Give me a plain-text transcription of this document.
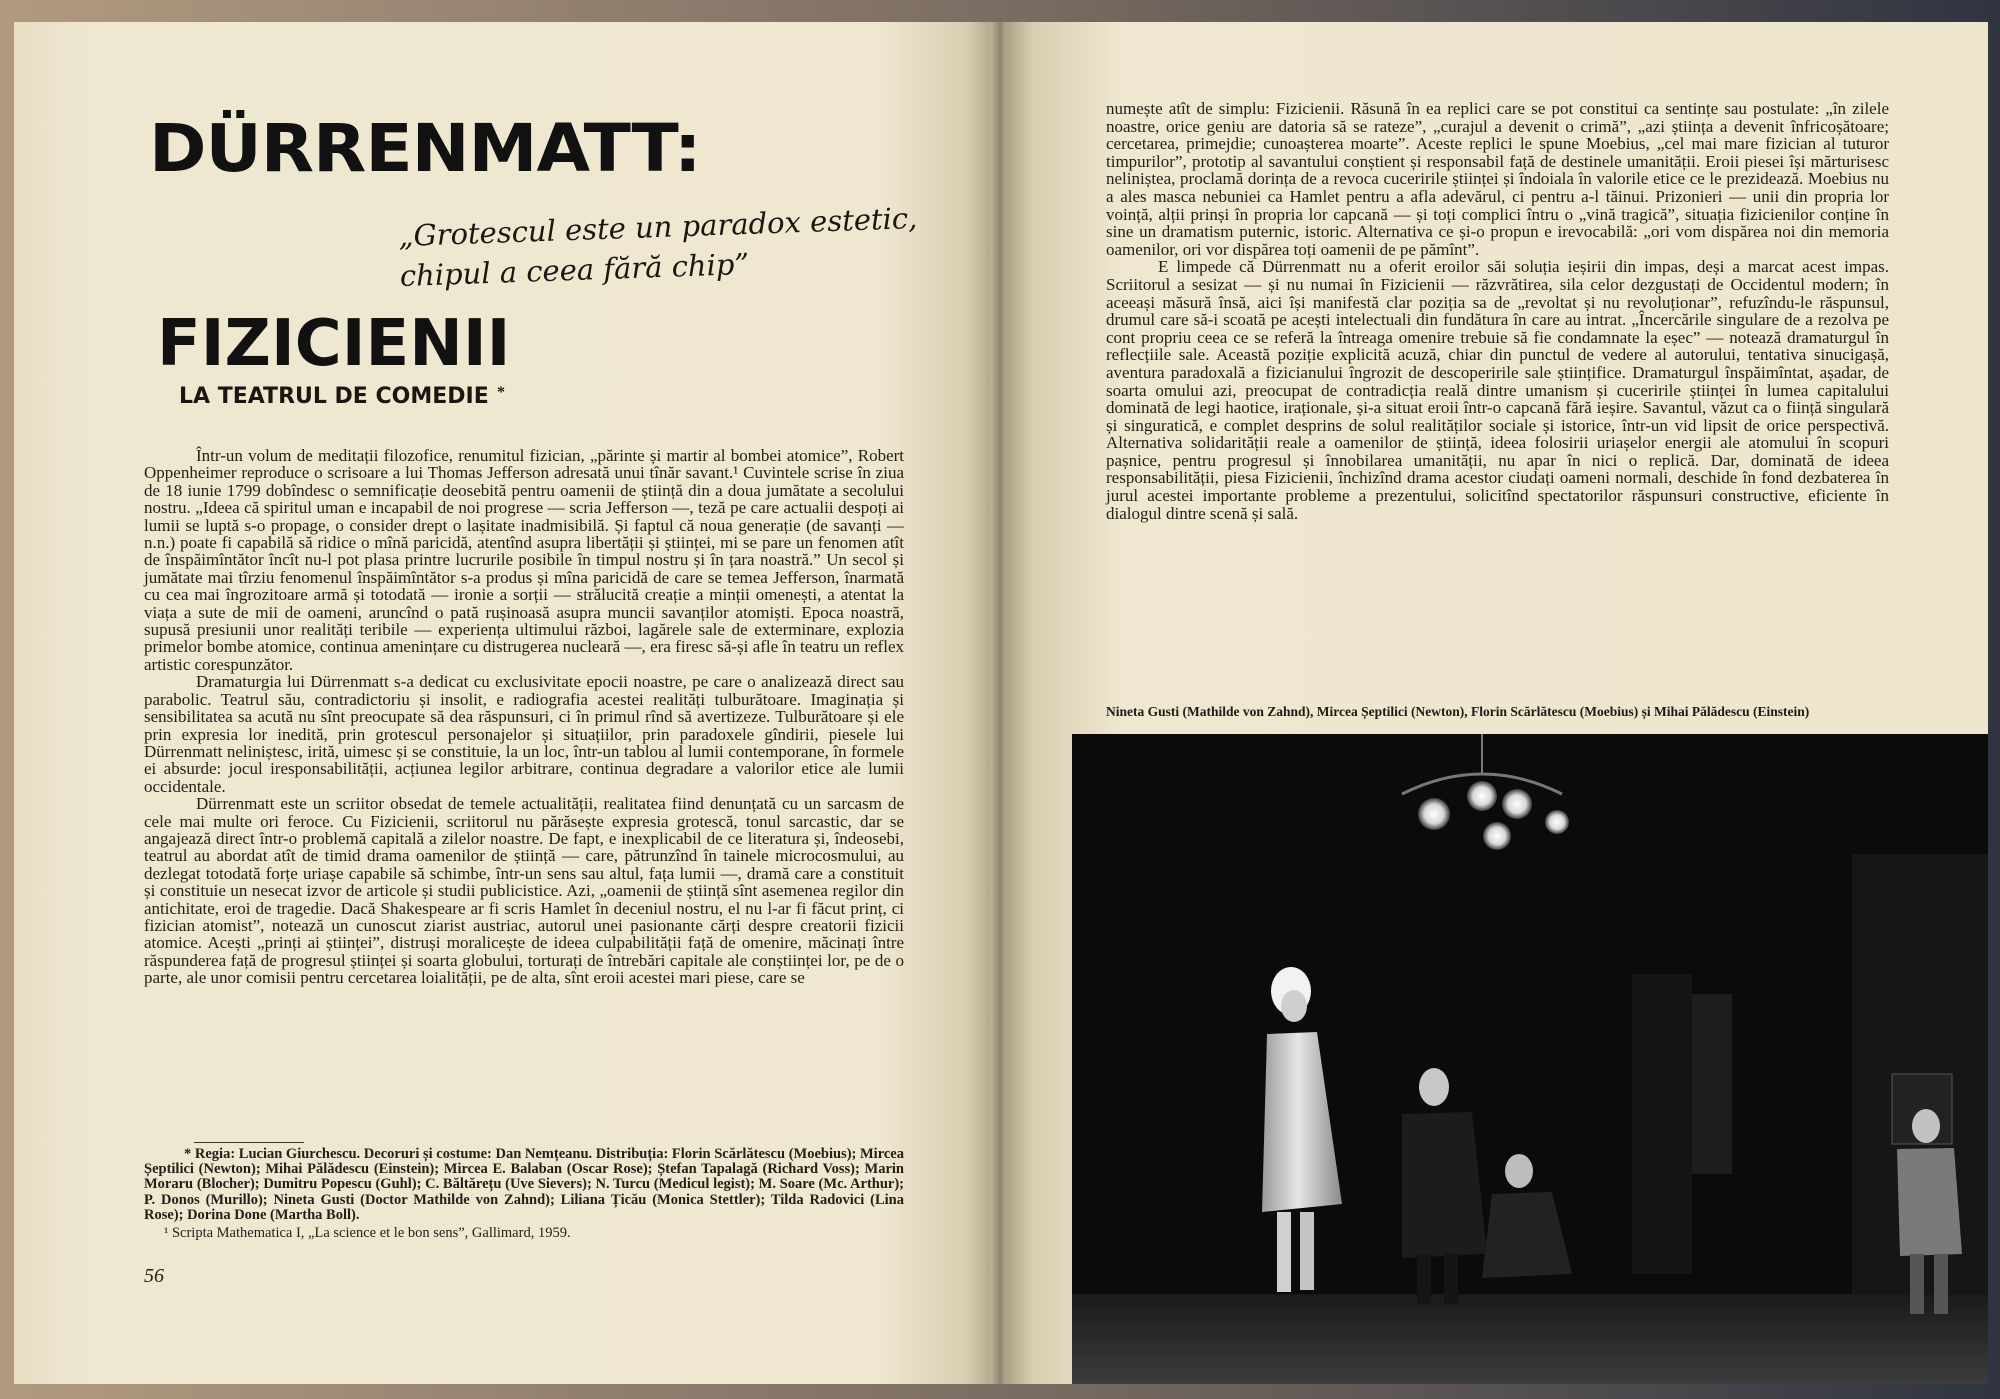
DÜRRENMATT:
„Grotescul este un paradox estetic,
chipul a ceea fără chip”
FIZICIENII
LA TEATRUL DE COMEDIE *

Într-un volum de meditații filozofice, renumitul fizician, „părinte și martir al bombei atomice”, Robert Oppenheimer reproduce o scrisoare a lui Thomas Jefferson adresată unui tînăr savant.¹ Cuvintele scrise în ziua de 18 iunie 1799 dobîndesc o semnificație deosebită pentru oamenii de știință din a doua jumătate a secolului nostru. „Ideea că spiritul uman e incapabil de noi progrese — scria Jefferson —, teză pe care actualii despoți ai lumii se luptă s-o propage, o consider drept o lașitate inadmisibilă. Și faptul că noua generație (de savanți — n.n.) poate fi capabilă să ridice o mînă paricidă, atentînd asupra libertății și științei, mi se pare un fenomen atît de înspăimîntător încît nu-l pot plasa printre lucrurile posibile în timpul nostru și în țara noastră.” Un secol și jumătate mai tîrziu fenomenul înspăimîntător s-a produs și mîna paricidă de care se temea Jefferson, înarmată cu cea mai îngrozitoare armă și totodată — ironie a sorții — strălucită creație a minții omenești, a atentat la viața a sute de mii de oameni, aruncînd o pată rușinoasă asupra muncii savanților atomiști. Epoca noastră, supusă presiunii unor realități teribile — experiența ultimului război, lagărele sale de exterminare, explozia primelor bombe atomice, continua amenințare cu distrugerea nucleară —, era firesc să-și afle în teatru un reflex artistic corespunzător.

Dramaturgia lui Dürrenmatt s-a dedicat cu exclusivitate epocii noastre, pe care o analizează direct sau parabolic. Teatrul său, contradictoriu și insolit, e radiografia acestei realități tulburătoare. Imaginația și sensibilitatea sa acută nu sînt preocupate să dea răspunsuri, ci în primul rînd să avertizeze. Tulburătoare și ele prin expresia lor inedită, prin grotescul personajelor și situațiilor, prin paradoxele gîndirii, piesele lui Dürrenmatt neliniștesc, irită, uimesc și se constituie, la un loc, într-un tablou al lumii contemporane, în formele ei absurde: jocul iresponsabilității, acțiunea legilor arbitrare, continua degradare a valorilor etice ale lumii occidentale.

Dürrenmatt este un scriitor obsedat de temele actualității, realitatea fiind denunțată cu un sarcasm de cele mai multe ori feroce. Cu Fizicienii, scriitorul nu părăsește expresia grotescă, tonul sarcastic, dar se angajează direct într-o problemă capitală a zilelor noastre. De fapt, e inexplicabil de ce literatura și, îndeosebi, teatrul au abordat atît de timid drama oamenilor de știință — care, pătrunzînd în tainele microcosmului, au dezlegat totodată forțe uriașe capabile să schimbe, într-un sens sau altul, fața lumii —, dramă care a constituit și constituie un nesecat izvor de articole și studii publicistice. Azi, „oamenii de știință sînt asemenea regilor din antichitate, eroi de tragedie. Dacă Shakespeare ar fi scris Hamlet în deceniul nostru, el nu l-ar fi făcut prinț, ci fizician atomist”, notează un cunoscut ziarist austriac, autorul unei pasionante cărți despre creatorii fizicii atomice. Acești „prinți ai științei”, distruși moralicește de ideea culpabilității față de omenire, măcinați între răspunderea față de progresul științei și soarta globului, torturați de întrebări capitale ale conștiinței lor, pe de o parte, ale unor comisii pentru cercetarea loialității, pe de alta, sînt eroii acestei mari piese, care se

* Regia: Lucian Giurchescu. Decoruri și costume: Dan Nemțeanu. Distribuția: Florin Scărlătescu (Moebius); Mircea Șeptilici (Newton); Mihai Pălădescu (Einstein); Mircea E. Balaban (Oscar Rose); Ștefan Tapalagă (Richard Voss); Marin Moraru (Blocher); Dumitru Popescu (Guhl); C. Băltărețu (Uve Sievers); N. Turcu (Medicul legist); M. Soare (Mc. Arthur); P. Donos (Murillo); Nineta Gusti (Doctor Mathilde von Zahnd); Liliana Țicău (Monica Stettler); Tilda Radovici (Lina Rose); Dorina Done (Martha Boll).

¹ Scripta Mathematica I, „La science et le bon sens”, Gallimard, 1959.

56

numește atît de simplu: Fizicienii. Răsună în ea replici care se pot constitui ca sentințe sau postulate: „în zilele noastre, orice geniu are datoria să se rateze”, „curajul a devenit o crimă”, „azi știința a devenit înfricoșătoare; cercetarea, primejdie; cunoașterea moarte”. Aceste replici le spune Moebius, „cel mai mare fizician al tuturor timpurilor”, prototip al savantului conștient și responsabil față de destinele umanității. Eroii piesei își mărturisesc neliniștea, proclamă dorința de a revoca cuceririle științei și îndoiala în valorile etice ce le prezidează. Moebius nu a ales masca nebuniei ca Hamlet pentru a afla adevărul, ci pentru a-l tăinui. Prizonieri — unii din propria lor voință, alții prinși în propria lor capcană — și toți complici întru o „vină tragică”, situația fizicienilor conține în sine un dramatism puternic, istoric. Alternativa ce și-o propun e irevocabilă: „ori vom dispărea noi din memoria oamenilor, ori vor dispărea toți oamenii de pe pămînt”.

E limpede că Dürrenmatt nu a oferit eroilor săi soluția ieșirii din impas, deși a marcat acest impas. Scriitorul a sesizat — și nu numai în Fizicienii — răzvrătirea, sila celor dezgustați de Occidentul modern; în aceeași măsură însă, aici își manifestă clar poziția sa de „revoltat și nu revoluționar”, refuzîndu-le răspunsul, drumul care să-i scoată pe acești intelectuali din fundătura în care au intrat. „Încercările singulare de a rezolva pe cont propriu ceea ce se referă la întreaga omenire trebuie să fie condamnate la eșec” — notează dramaturgul în reflecțiile sale. Această poziție explicită acuză, chiar din punctul de vedere al autorului, tentativa sinucigașă, aventura paradoxală a fizicianului îngrozit de descoperirile sale științifice. Dramaturgul înspăimîntat, așadar, de soarta omului azi, preocupat de contradicția reală dintre umanism și cuceririle științei în lumea capitalului dominată de legi haotice, iraționale, și-a situat eroii într-o capcană fără ieșire. Savantul, văzut ca o ființă singulară și singuratică, e complet desprins de solul realităților sociale și istorice, într-un vid lipsit de orice perspectivă. Alternativa solidarității reale a oamenilor de știință, ideea folosirii uriașelor energii ale atomului în scopuri pașnice, pentru progresul și înnobilarea umanității, nu apar în nici o replică. Dar, dominată de ideea responsabilității, piesa Fizicienii, închizînd drama acestor ciudați oameni normali, deschide în fond dezbaterea în jurul acestei importante probleme a prezentului, solicitînd spectatorilor răspunsuri constructive, eficiente în dialogul dintre scenă și sală.

Nineta Gusti (Mathilde von Zahnd), Mircea Șeptilici (Newton), Florin Scărlătescu (Moebius) și Mihai Pălădescu (Einstein)
